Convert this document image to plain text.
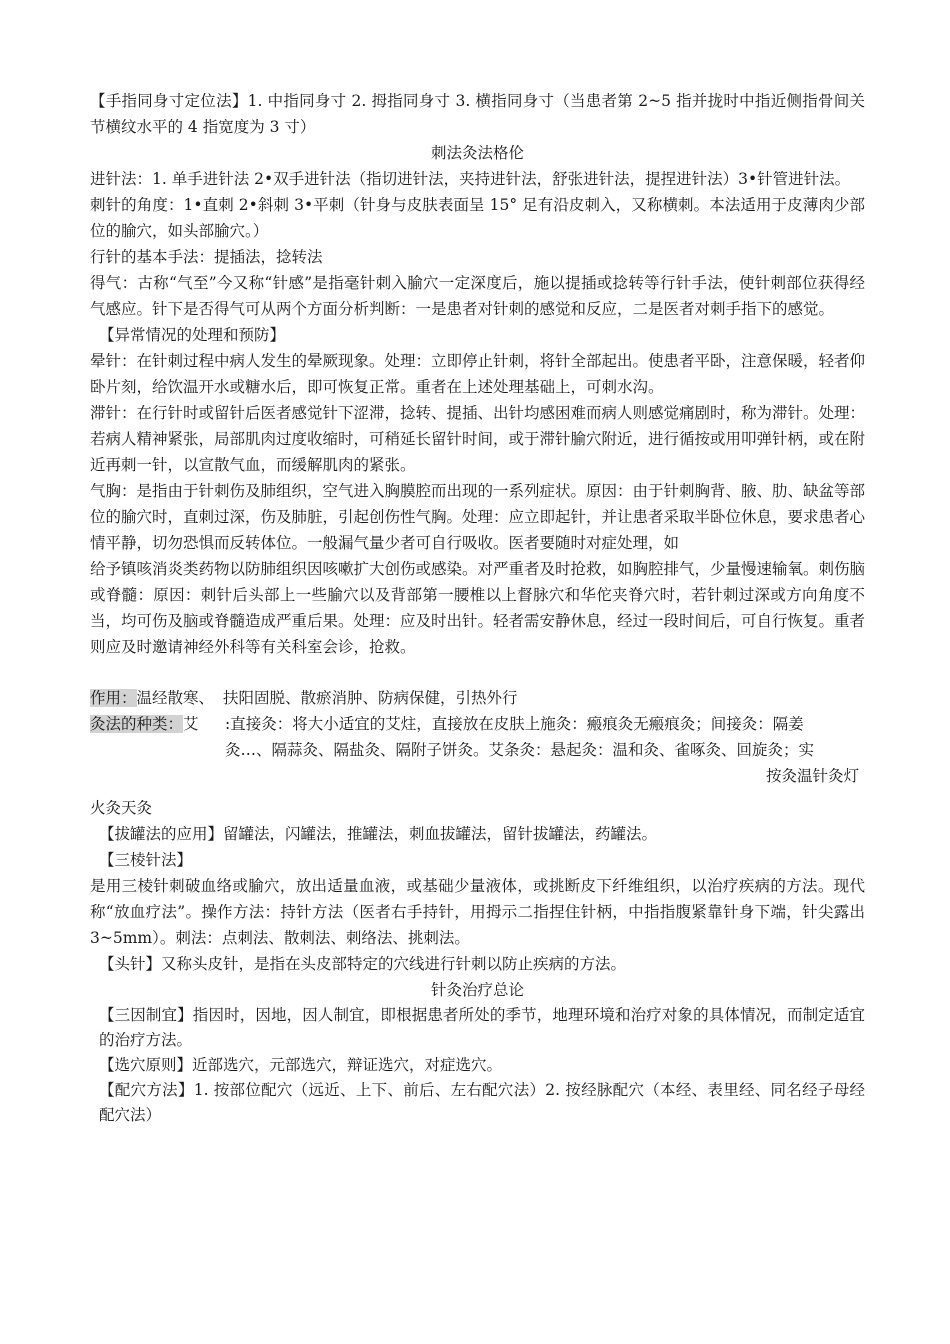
【手指同身寸定位法】1. 中指同身寸 2. 拇指同身寸 3. 横指同身寸（当患者第 2~5 指并拢时中指近侧指骨间关节横纹水平的 4 指宽度为 3 寸）

刺法灸法格伦

进针法：1. 单手进针法 2•双手进针法（指切进针法，夹持进针法，舒张进针法，提捏进针法）3•针管进针法。

刺针的角度：1•直刺 2•斜刺 3•平刺（针身与皮肤表面呈 15° 足有沿皮刺入，又称横刺。本法适用于皮薄肉少部位的腧穴，如头部腧穴。）

行针的基本手法：提插法，捻转法

得气：古称“气至”今又称“针感”是指毫针刺入腧穴一定深度后，施以提插或捻转等行针手法，使针刺部位获得经气感应。针下是否得气可从两个方面分析判断：一是患者对针刺的感觉和反应，二是医者对刺手指下的感觉。

【异常情况的处理和预防】

晕针：在针刺过程中病人发生的晕厥现象。处理：立即停止针刺，将针全部起出。使患者平卧，注意保暖，轻者仰卧片刻，给饮温开水或糖水后，即可恢复正常。重者在上述处理基础上，可刺水沟。

滞针：在行针时或留针后医者感觉针下涩滞，捻转、提插、出针均感困难而病人则感觉痛剧时，称为滞针。处理：若病人精神紧张，局部肌肉过度收缩时，可稍延长留针时间，或于滞针腧穴附近，进行循按或用叩弹针柄，或在附近再刺一针，以宣散气血，而缓解肌肉的紧张。

气胸：是指由于针刺伤及肺组织，空气进入胸膜腔而出现的一系列症状。原因：由于针刺胸背、腋、肋、缺盆等部位的腧穴时，直刺过深，伤及肺脏，引起创伤性气胸。处理：应立即起针，并让患者采取半卧位休息，要求患者心情平静，切勿恐惧而反转体位。一般漏气量少者可自行吸收。医者要随时对症处理，如

给予镇咳消炎类药物以防肺组织因咳嗽扩大创伤或感染。对严重者及时抢救，如胸腔排气，少量慢速输氧。刺伤脑或脊髓：原因：刺针后头部上一些腧穴以及背部第一腰椎以上督脉穴和华佗夹脊穴时，若针刺过深或方向角度不当，均可伤及脑或脊髓造成严重后果。处理：应及时出针。轻者需安静休息，经过一段时间后，可自行恢复。重者则应及时邀请神经外科等有关科室会诊，抢救。

作用：温经散寒、 扶阳固脱、散瘀消肿、防病保健，引热外行
灸法的种类：艾 :直接灸：将大小适宜的艾炷，直接放在皮肤上施灸：瘢痕灸无瘢痕灸；间接灸：隔姜
灸…、隔蒜灸、隔盐灸、隔附子饼灸。艾条灸：悬起灸：温和灸、雀啄灸、回旋灸；实

按灸温针灸灯

火灸天灸

【拔罐法的应用】留罐法，闪罐法，推罐法，刺血拔罐法，留针拔罐法，药罐法。

【三棱针法】

是用三棱针刺破血络或腧穴，放出适量血液，或基础少量液体，或挑断皮下纤维组织，以治疗疾病的方法。现代称“放血疗法”。操作方法：持针方法（医者右手持针，用拇示二指捏住针柄，中指指腹紧靠针身下端，针尖露出 3~5mm）。刺法：点刺法、散刺法、刺络法、挑刺法。

【头针】又称头皮针，是指在头皮部特定的穴线进行针刺以防止疾病的方法。

针灸治疗总论

【三因制宜】指因时，因地，因人制宜，即根据患者所处的季节，地理环境和治疗对象的具体情况，而制定适宜的治疗方法。

【选穴原则】近部选穴，元部选穴，辩证选穴，对症选穴。

【配穴方法】1. 按部位配穴（远近、上下、前后、左右配穴法）2. 按经脉配穴（本经、表里经、同名经子母经配穴法）
